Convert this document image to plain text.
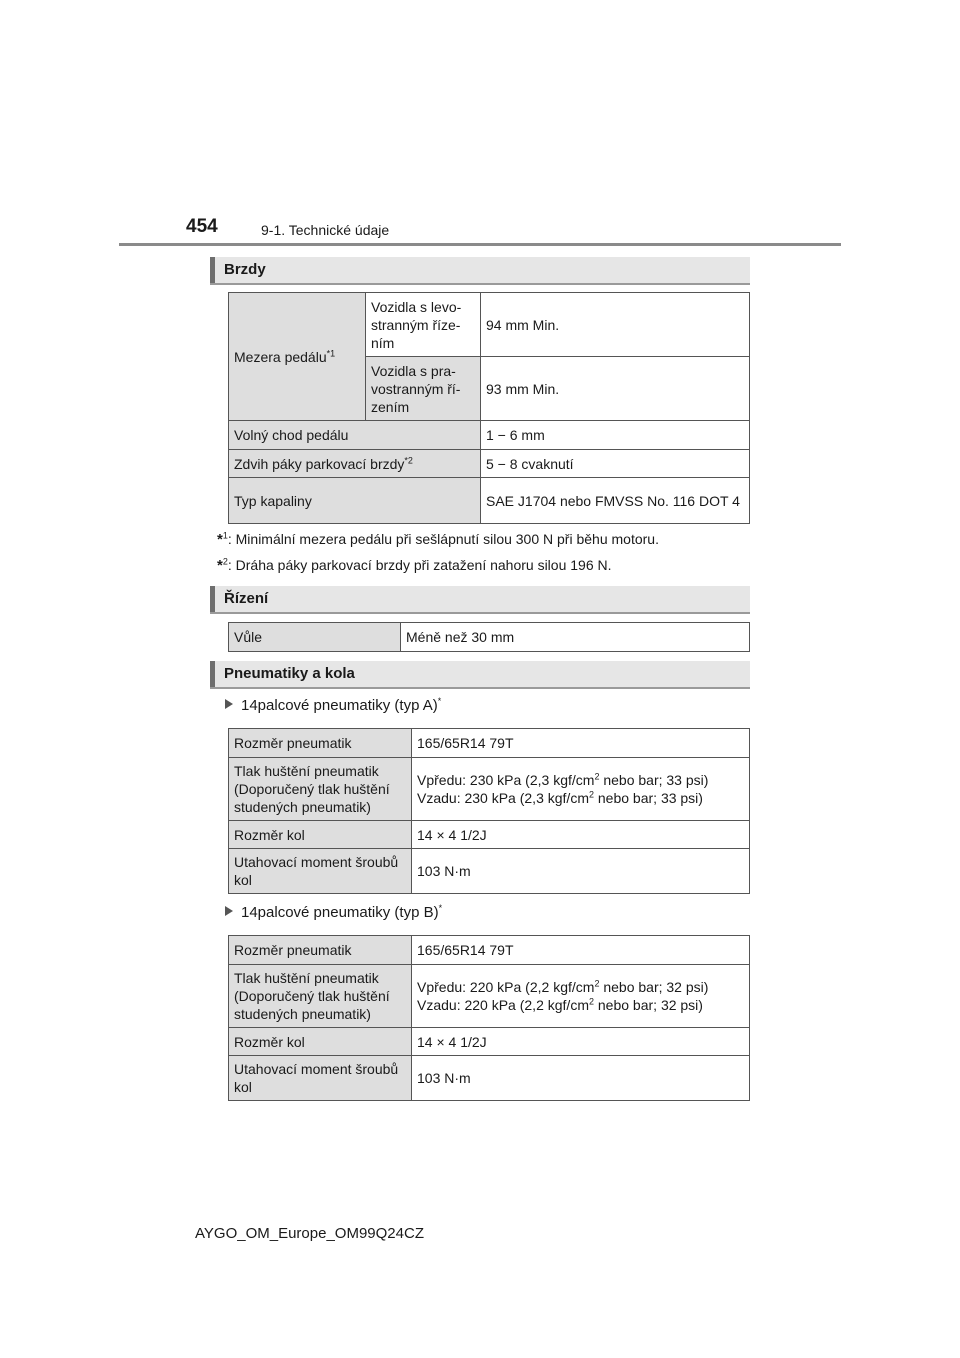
454	9-1. Technické údaje
Brzdy
Mezera pedálu$^{*1}$	Vozidla s levo-stranným říze-ním	94 mm Min.
	Vozidla s pra-vostranným ří-zením	93 mm Min.
Volný chod pedálu		1 − 6 mm
Zdvih páky parkovací brzdy$^{*2}$		5 − 8 cvaknutí
Typ kapaliny		SAE J1704 nebo FMVSS No. 116 DOT 4
*$^1$: Minimální mezera pedálu při sešlápnutí silou 300 N při běhu motoru.
*$^2$: Dráha páky parkovací brzdy při zatažení nahoru silou 196 N.
Řízení
Vůle	Méně než 30 mm
Pneumatiky a kola
14palcové pneumatiky (typ A)*
Rozměr pneumatik	165/65R14 79T
Tlak huštění pneumatik (Doporučený tlak huštění studených pneumatik)	Vpředu: 230 kPa (2,3 kgf/$cm^2$ nebo bar; 33 psi)
Vzadu: 230 kPa (2,3 kgf/$cm^2$ nebo bar; 33 psi)

Rozměr kol	14 × 4 1/2J
Utahovací moment šroubů kol	103 N·m
14palcové pneumatiky (typ B)*
Rozměr pneumatik	165/65R14 79T
Tlak huštění pneumatik (Doporučený tlak huštění studených pneumatik)	Vpředu: 220 kPa (2,2 kgf/$cm^2$ nebo bar; 32 psi)
Vzadu: 220 kPa (2,2 kgf/$cm^2$ nebo bar; 32 psi)

Rozměr kol	14 × 4 1/2J
Utahovací moment šroubů kol	103 N·m
AYGO_OM_Europe_OM99Q24CZ
